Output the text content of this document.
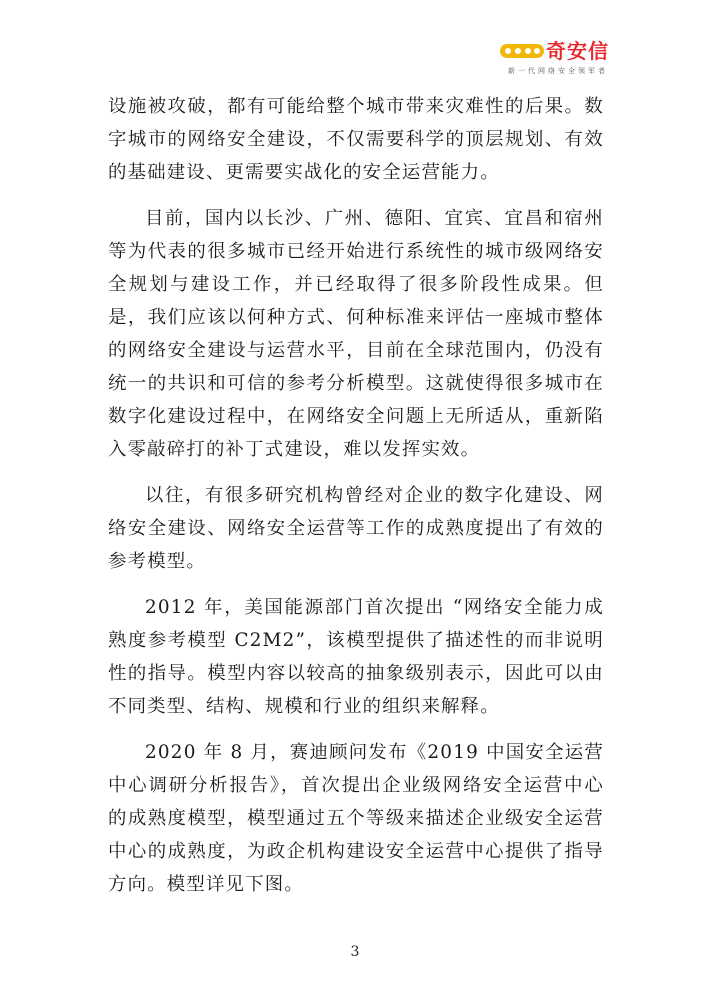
奇安信
新一代网络安全领军者

设施被攻破，都有可能给整个城市带来灾难性的后果。数字城市的网络安全建设，不仅需要科学的顶层规划、有效的基础建设、更需要实战化的安全运营能力。

目前，国内以长沙、广州、德阳、宜宾、宜昌和宿州等为代表的很多城市已经开始进行系统性的城市级网络安全规划与建设工作，并已经取得了很多阶段性成果。但是，我们应该以何种方式、何种标准来评估一座城市整体的网络安全建设与运营水平，目前在全球范围内，仍没有统一的共识和可信的参考分析模型。这就使得很多城市在数字化建设过程中，在网络安全问题上无所适从，重新陷入零敲碎打的补丁式建设，难以发挥实效。

以往，有很多研究机构曾经对企业的数字化建设、网络安全建设、网络安全运营等工作的成熟度提出了有效的参考模型。

2012 年，美国能源部门首次提出 “网络安全能力成熟度参考模型 C2M2”，该模型提供了描述性的而非说明性的指导。模型内容以较高的抽象级别表示，因此可以由不同类型、结构、规模和行业的组织来解释。

2020 年 8 月，赛迪顾问发布《2019 中国安全运营中心调研分析报告》，首次提出企业级网络安全运营中心的成熟度模型，模型通过五个等级来描述企业级安全运营中心的成熟度，为政企机构建设安全运营中心提供了指导方向。模型详见下图。

3
